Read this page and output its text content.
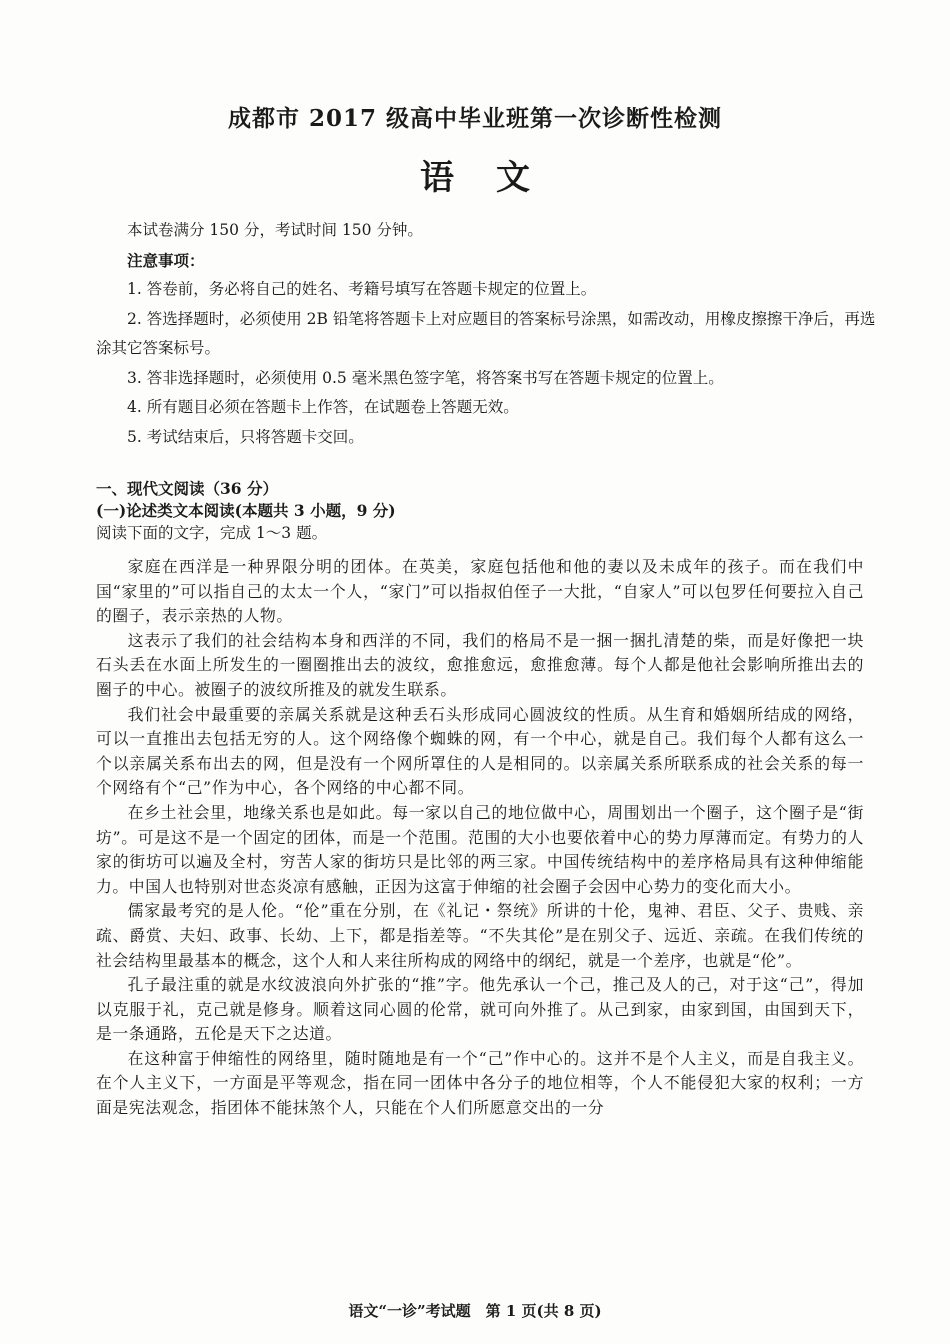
成都市 2017 级高中毕业班第一次诊断性检测
语文

本试卷满分 150 分，考试时间 150 分钟。

注意事项：

1. 答卷前，务必将自己的姓名、考籍号填写在答题卡规定的位置上。

2. 答选择题时，必须使用 2B 铅笔将答题卡上对应题目的答案标号涂黑，如需改动，用橡皮擦擦干净后，再选涂其它答案标号。

3. 答非选择题时，必须使用 0.5 毫米黑色签字笔，将答案书写在答题卡规定的位置上。

4. 所有题目必须在答题卡上作答，在试题卷上答题无效。

5. 考试结束后，只将答题卡交回。

一、现代文阅读（36 分）

(一)论述类文本阅读(本题共 3 小题，9 分)

阅读下面的文字，完成 1～3 题。

家庭在西洋是一种界限分明的团体。在英美，家庭包括他和他的妻以及未成年的孩子。而在我们中国“家里的”可以指自己的太太一个人，“家门”可以指叔伯侄子一大批，“自家人”可以包罗任何要拉入自己的圈子，表示亲热的人物。

这表示了我们的社会结构本身和西洋的不同，我们的格局不是一捆一捆扎清楚的柴，而是好像把一块石头丢在水面上所发生的一圈圈推出去的波纹，愈推愈远，愈推愈薄。每个人都是他社会影响所推出去的圈子的中心。被圈子的波纹所推及的就发生联系。

我们社会中最重要的亲属关系就是这种丢石头形成同心圆波纹的性质。从生育和婚姻所结成的网络，可以一直推出去包括无穷的人。这个网络像个蜘蛛的网，有一个中心，就是自己。我们每个人都有这么一个以亲属关系布出去的网，但是没有一个网所罩住的人是相同的。以亲属关系所联系成的社会关系的每一个网络有个“己”作为中心，各个网络的中心都不同。

在乡土社会里，地缘关系也是如此。每一家以自己的地位做中心，周围划出一个圈子，这个圈子是“街坊”。可是这不是一个固定的团体，而是一个范围。范围的大小也要依着中心的势力厚薄而定。有势力的人家的街坊可以遍及全村，穷苦人家的街坊只是比邻的两三家。中国传统结构中的差序格局具有这种伸缩能力。中国人也特别对世态炎凉有感触，正因为这富于伸缩的社会圈子会因中心势力的变化而大小。

儒家最考究的是人伦。“伦”重在分别，在《礼记・祭统》所讲的十伦，鬼神、君臣、父子、贵贱、亲疏、爵赏、夫妇、政事、长幼、上下，都是指差等。“不失其伦”是在别父子、远近、亲疏。在我们传统的社会结构里最基本的概念，这个人和人来往所构成的网络中的纲纪，就是一个差序，也就是“伦”。

孔子最注重的就是水纹波浪向外扩张的“推”字。他先承认一个己，推己及人的己，对于这“己”，得加以克服于礼，克己就是修身。顺着这同心圆的伦常，就可向外推了。从己到家，由家到国，由国到天下，是一条通路，五伦是天下之达道。

在这种富于伸缩性的网络里，随时随地是有一个“己”作中心的。这并不是个人主义，而是自我主义。在个人主义下，一方面是平等观念，指在同一团体中各分子的地位相等，个人不能侵犯大家的权利；一方面是宪法观念，指团体不能抹煞个人，只能在个人们所愿意交出的一分

语文“一诊”考试题　第 1 页(共 8 页)
